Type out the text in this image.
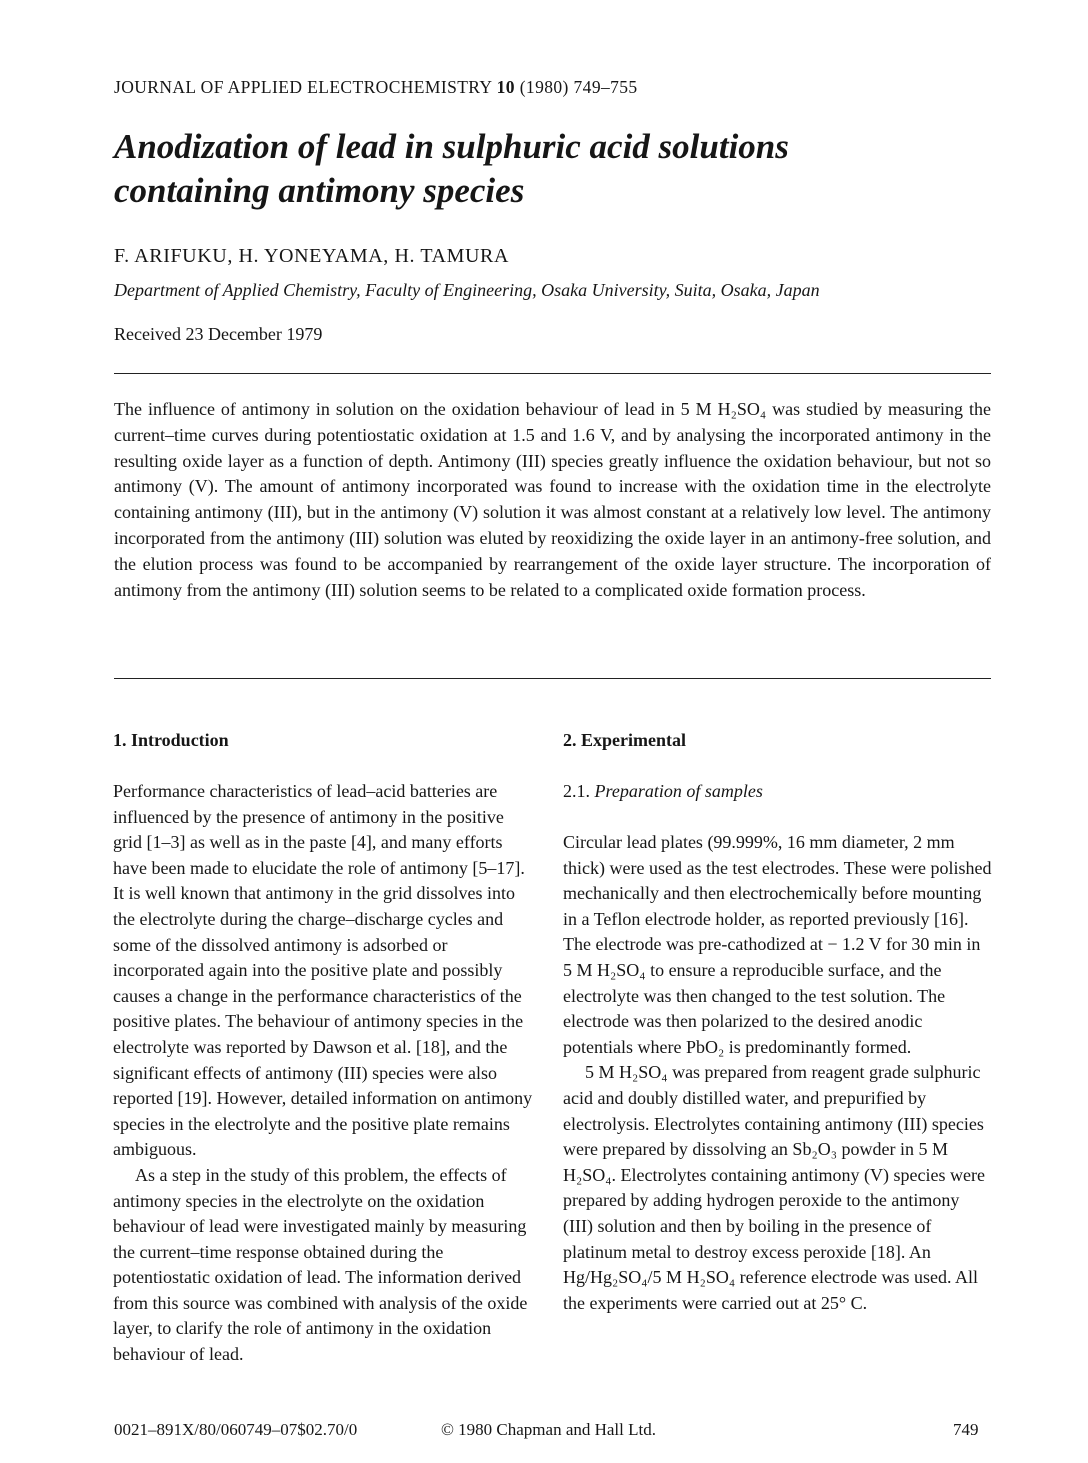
JOURNAL OF APPLIED ELECTROCHEMISTRY 10 (1980) 749–755
Anodization of lead in sulphuric acid solutions
containing antimony species
F. ARIFUKU, H. YONEYAMA, H. TAMURA
Department of Applied Chemistry, Faculty of Engineering, Osaka University, Suita, Osaka, Japan
Received 23 December 1979

The influence of antimony in solution on the oxidation behaviour of lead in 5 M H₂SO₄ was studied by measuring the current–time curves during potentiostatic oxidation at 1.5 and 1.6 V, and by analysing the incorporated antimony in the resulting oxide layer as a function of depth. Antimony (III) species greatly influence the oxidation behaviour, but not so antimony (V). The amount of antimony incorporated was found to increase with the oxidation time in the electrolyte containing antimony (III), but in the antimony (V) solution it was almost constant at a relatively low level. The antimony incorporated from the antimony (III) solution was eluted by reoxidizing the oxide layer in an antimony-free solution, and the elution process was found to be accompanied by rearrangement of the oxide layer structure. The incorporation of antimony from the antimony (III) solution seems to be related to a complicated oxide formation process.

1. Introduction

Performance characteristics of lead–acid batteries are influenced by the presence of antimony in the positive grid [1–3] as well as in the paste [4], and many efforts have been made to elucidate the role of antimony [5–17]. It is well known that antimony in the grid dissolves into the electrolyte during the charge–discharge cycles and some of the dissolved antimony is adsorbed or incorporated again into the positive plate and possibly causes a change in the performance characteristics of the positive plates. The behaviour of antimony species in the electrolyte was reported by Dawson et al. [18], and the significant effects of antimony (III) species were also reported [19]. However, detailed information on antimony species in the electrolyte and the positive plate remains ambiguous.

As a step in the study of this problem, the effects of antimony species in the electrolyte on the oxidation behaviour of lead were investigated mainly by measuring the current–time response obtained during the potentiostatic oxidation of lead. The information derived from this source was combined with analysis of the oxide layer, to clarify the role of antimony in the oxidation behaviour of lead.

2. Experimental
2.1. Preparation of samples

Circular lead plates (99.999%, 16 mm diameter, 2 mm thick) were used as the test electrodes. These were polished mechanically and then electrochemically before mounting in a Teflon electrode holder, as reported previously [16]. The electrode was pre-cathodized at − 1.2 V for 30 min in 5 M H₂SO₄ to ensure a reproducible surface, and the electrolyte was then changed to the test solution. The electrode was then polarized to the desired anodic potentials where PbO₂ is predominantly formed.

5 M H₂SO₄ was prepared from reagent grade sulphuric acid and doubly distilled water, and prepurified by electrolysis. Electrolytes containing antimony (III) species were prepared by dissolving an Sb₂O₃ powder in 5 M H₂SO₄. Electrolytes containing antimony (V) species were prepared by adding hydrogen peroxide to the antimony (III) solution and then by boiling in the presence of platinum metal to destroy excess peroxide [18]. An Hg/Hg₂SO₄/5 M H₂SO₄ reference electrode was used. All the experiments were carried out at 25° C.

0021–891X/80/060749–07$02.70/0	© 1980 Chapman and Hall Ltd.	749
